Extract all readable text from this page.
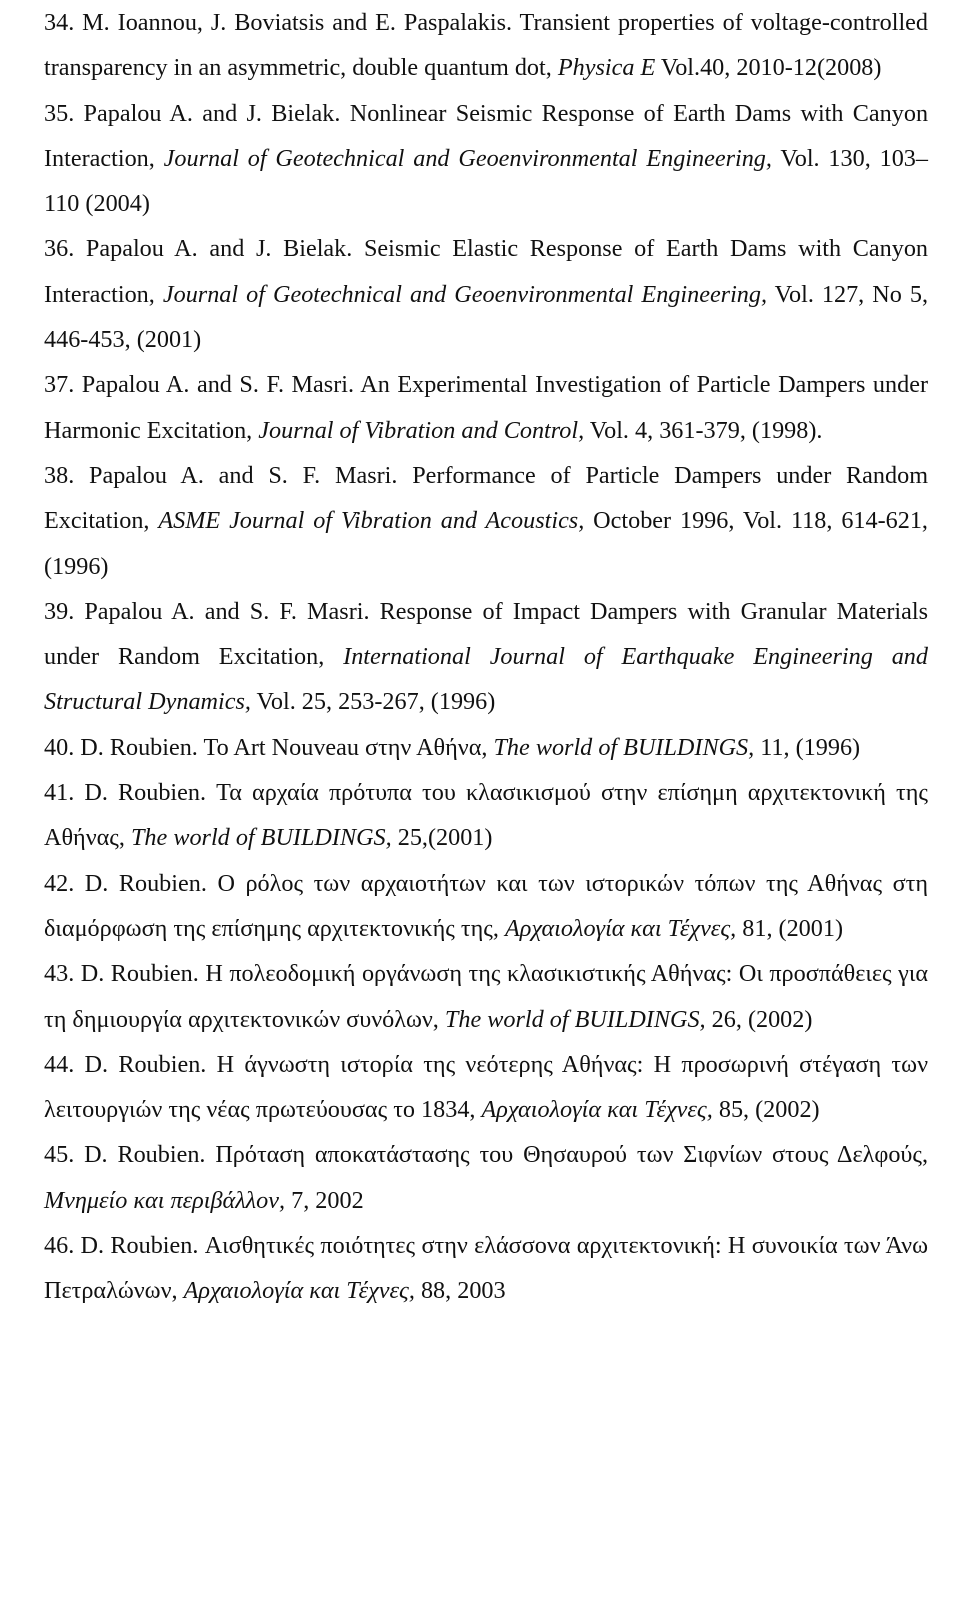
34. M. Ioannou, J. Boviatsis and E. Paspalakis. Transient properties of voltage-controlled transparency in an asymmetric, double quantum dot, Physica E Vol.40, 2010-12(2008)

35. Papalou A. and J. Bielak. Nonlinear Seismic Response of Earth Dams with Canyon Interaction, Journal of Geotechnical and Geoenvironmental Engineering, Vol. 130, 103–110 (2004)

36. Papalou A. and J. Bielak. Seismic Elastic Response of Earth Dams with Canyon Interaction, Journal of Geotechnical and Geoenvironmental Engineering, Vol. 127, No 5, 446-453, (2001)

37. Papalou A. and S. F. Masri. An Experimental Investigation of Particle Dampers under Harmonic Excitation, Journal of Vibration and Control, Vol. 4, 361-379, (1998).

38. Papalou A. and S. F. Masri. Performance of Particle Dampers under Random Excitation, ASME Journal of Vibration and Acoustics, October 1996, Vol. 118, 614-621, (1996)

39. Papalou A. and S. F. Masri. Response of Impact Dampers with Granular Materials under Random Excitation, International Journal of Earthquake Engineering and Structural Dynamics, Vol. 25, 253-267, (1996)

40. D. Roubien. To Art Nouveau στην Αθήνα, The world of BUILDINGS, 11, (1996)

41. D. Roubien. Τα αρχαία πρότυπα του κλασικισμού στην επίσημη αρχιτεκτονική της Αθήνας, The world of BUILDINGS, 25,(2001)

42. D. Roubien. Ο ρόλος των αρχαιοτήτων και των ιστορικών τόπων της Αθήνας στη διαμόρφωση της επίσημης αρχιτεκτονικής της, Αρχαιολογία και Τέχνες, 81, (2001)

43. D. Roubien. Η πολεοδομική οργάνωση της κλασικιστικής Αθήνας: Οι προσπάθειες για τη δημιουργία αρχιτεκτονικών συνόλων, The world of BUILDINGS, 26, (2002)

44. D. Roubien. Η άγνωστη ιστορία της νεότερης Αθήνας: Η προσωρινή στέγαση των λειτουργιών της νέας πρωτεύουσας το 1834, Αρχαιολογία και Τέχνες, 85, (2002)

45. D. Roubien. Πρόταση αποκατάστασης του Θησαυρού των Σιφνίων στους Δελφούς, Μνημείο και περιβάλλον, 7, 2002

46. D. Roubien. Αισθητικές ποιότητες στην ελάσσονα αρχιτεκτονική: Η συνοικία των Άνω Πετραλώνων, Αρχαιολογία και Τέχνες, 88, 2003
